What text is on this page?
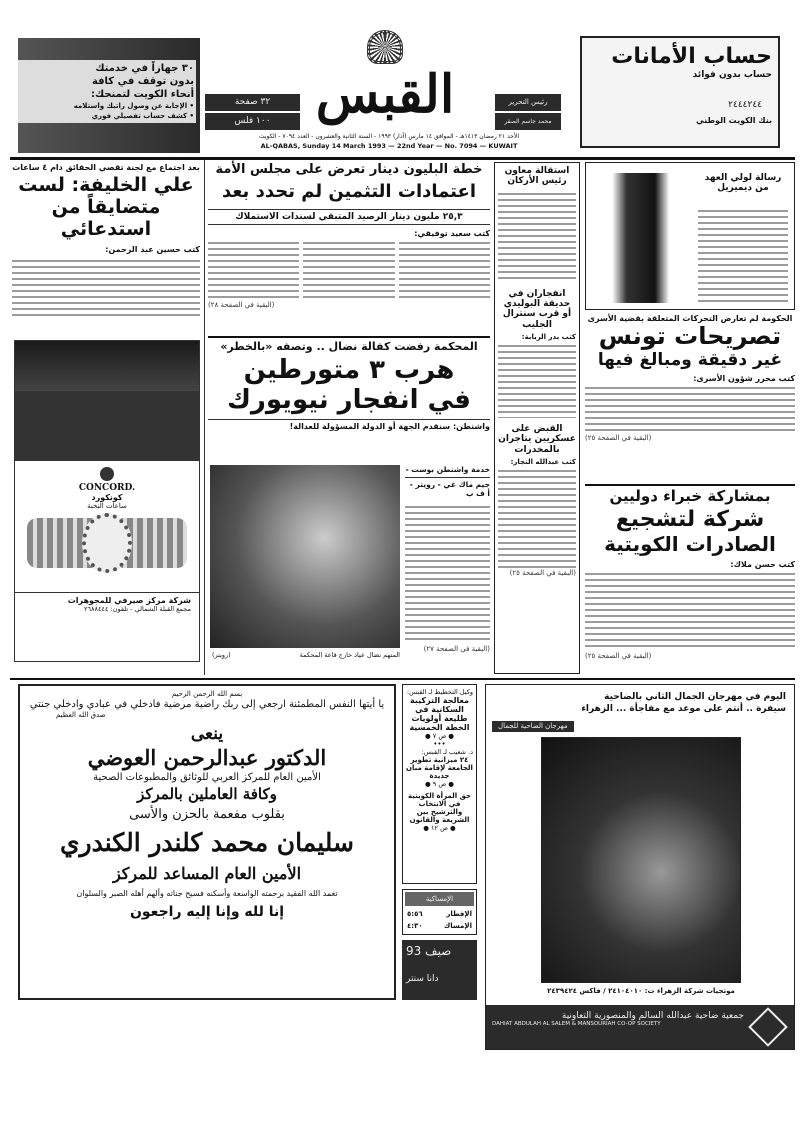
٣٠ جهازاً في خدمتك
بدون توقف في كافة
أنحاء الكويت لتمنحك:
• الإجابة عن وصول راتبك واستلامه
• كشف حساب تفصيلي فوري
٣٢ صفحة
١٠٠ فلس القبس	رئيس التحرير
محمد جاسم الصقر
الأحد ٢١ رمضان ١٤١٣هـ - الموافق ١٤ مارس (آذار) ١٩٩٣ - السنة الثانية والعشرون - العدد ٧٠٩٤ - الكويت
AL-QABAS, Sunday 14 March 1993 — 22nd Year — No. 7094 — KUWAIT
حساب الأمانات
حساب بدون فوائد
٢٤٤٤٢٤٤
بنك الكويت الوطني
بعد اجتماع مع لجنة تقصي الحقائق دام ٤ ساعات
علي الخليفة: لست متضايقاً من استدعائي
كتب حسين عبد الرحمن:
CONCORD.
كونكورد
ساعات النخبة
شركة مركز صيرفي للمجوهرات
مجمع القبلة الشمالي - تلفون: ٢٦٨٨٤٤٤
خطة البليون دينار تعرض على مجلس الأمة
اعتمادات التثمين لم تحدد بعد
٢٥,٣ مليون دينار الرصيد المتبقي لسندات الاستملاك
كتب سعيد توفيقي:
(البقية في الصفحة ٢٨)
المحكمة رفضت كفالة نضال .. وتصفه «بالخطر»
هرب ٣ متورطين
في انفجار نيويورك
واشنطن: سنقدم الجهة أو الدولة المسؤولة للعدالة!
خدمة واشنطن بوست -
جيم ماك غي - رويتر - أ ف ب
(البقية في الصفحة ٢٧)
المتهم نضال عياد خارج قاعة المحكمة
(رويتر)
استقالة معاون رئيس الأركان
انفجاران في حديقة البوليدي أو قرب سنترال الجليب
كتب بدر الربابة:
القبض على عسكريين يتاجران بالمخدرات
كتب عبدالله النجار:
(البقية في الصفحة ٢٥)
رسالة لولي العهد من ديميريل
الحكومة لم تعارض التحركات المتعلقة بقضية الأسرى
تصريحات تونس
غير دقيقة ومبالغ فيها
كتب محرر شؤون الأسرى:
(البقية في الصفحة ٢٥)
بمشاركة خبراء دوليين
شركة لتشجيع
الصادرات الكويتية
كتب حسن ملاك:
(البقية في الصفحة ٢٥)
بسم الله الرحمن الرحيم
يا أيتها النفس المطمئنة ارجعي إلى ربك راضية مرضية فادخلي في عبادي وادخلي جنتي
صدق الله العظيم
ينعى
الدكتور عبدالرحمن العوضي
الأمين العام للمركز العربي للوثائق والمطبوعات الصحية
وكافة العاملين بالمركز
بقلوب مفعمة بالحزن والأسى
سليمان محمد كلندر الكندري
الأمين العام المساعد للمركز
تغمد الله الفقيد برحمته الواسعة وأسكنه فسيح جناته وألهم أهله الصبر والسلوان
إنا لله وإنا إليه راجعون
وكيل التخطيط لـ القبس:
معالجة التركيبة السكانية في طليعة أولويات الخطة الخمسية
● ص ٧ ●
•••
د. شعيب لـ القبس:
٢٤ ميزانية تطوير الجامعة لإقامة مبان جديدة
● ص ٩ ●
حق المرأة الكويتية في الانتخاب والترشيح بين الشريعة والقانون
● ص ١٢ ●
الإمساكية
الإفطار
٥:٥٦
الإمساك
٤:٣٠
صيف 93
دانا سنتر
اليوم في مهرجان الجمال الثاني بالضاحية
سيفرة .. أنتم على موعد مع مفاجأة ... الزهراء
مهرجان الضاحية للجمال
موتجيات شركة الزهراء ت: ٢٤١٠٤٠١٠ / فاكس ٢٤٣٩٤٢٤
جمعية ضاحية عبدالله السالم والمنصورية التعاونية
DAHIAT ABDULAH AL SALEM & MANSOURIAH CO-OP SOCIETY
